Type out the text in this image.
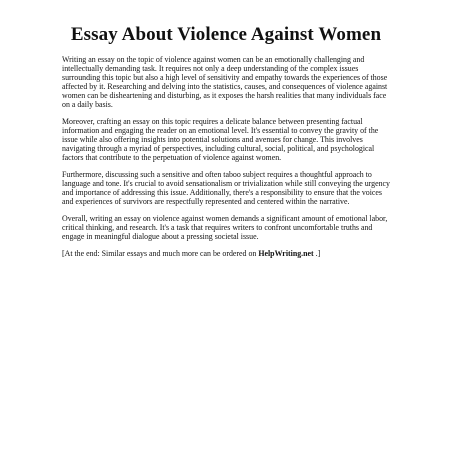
Essay About Violence Against Women

Writing an essay on the topic of violence against women can be an emotionally challenging and intellectually demanding task. It requires not only a deep understanding of the complex issues surrounding this topic but also a high level of sensitivity and empathy towards the experiences of those affected by it. Researching and delving into the statistics, causes, and consequences of violence against women can be disheartening and disturbing, as it exposes the harsh realities that many individuals face on a daily basis.

Moreover, crafting an essay on this topic requires a delicate balance between presenting factual information and engaging the reader on an emotional level. It's essential to convey the gravity of the issue while also offering insights into potential solutions and avenues for change. This involves navigating through a myriad of perspectives, including cultural, social, political, and psychological factors that contribute to the perpetuation of violence against women.

Furthermore, discussing such a sensitive and often taboo subject requires a thoughtful approach to language and tone. It's crucial to avoid sensationalism or trivialization while still conveying the urgency and importance of addressing this issue. Additionally, there's a responsibility to ensure that the voices and experiences of survivors are respectfully represented and centered within the narrative.

Overall, writing an essay on violence against women demands a significant amount of emotional labor, critical thinking, and research. It's a task that requires writers to confront uncomfortable truths and engage in meaningful dialogue about a pressing societal issue.

[At the end: Similar essays and much more can be ordered on HelpWriting.net .]
